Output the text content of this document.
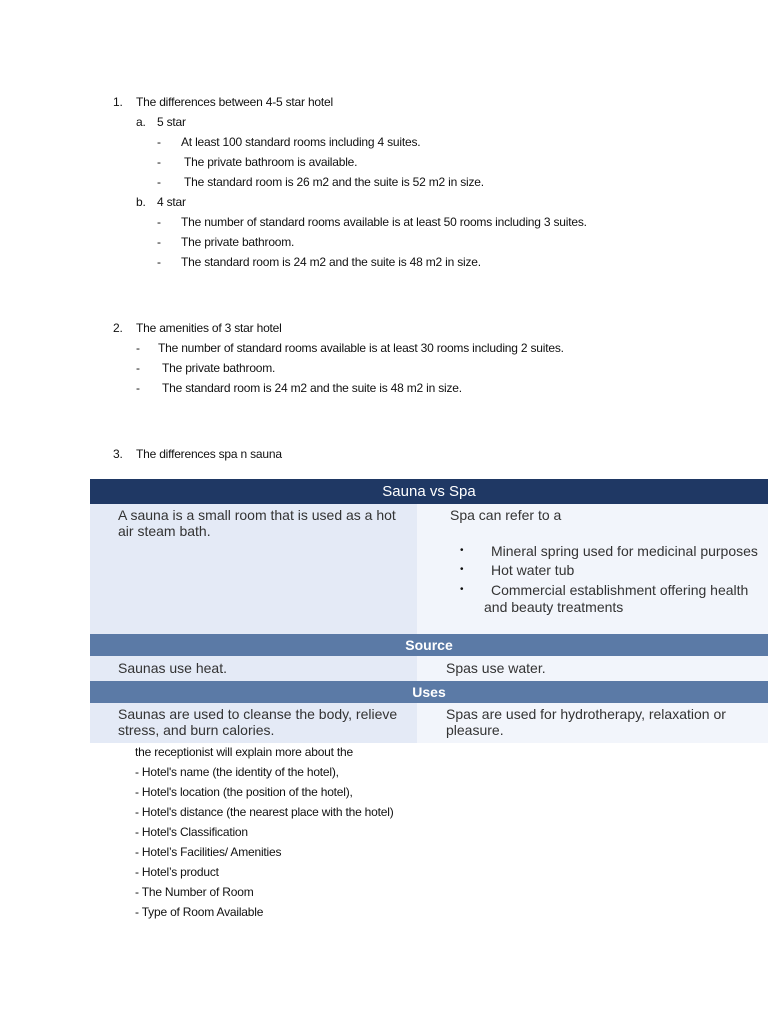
1. The differences between 4-5 star hotel
a. 5 star
- At least 100 standard rooms including 4 suites.
- The private bathroom is available.
- The standard room is 26 m2 and the suite is 52 m2 in size.
b. 4 star
- The number of standard rooms available is at least 50 rooms including 3 suites.
- The private bathroom.
- The standard room is 24 m2 and the suite is 48 m2 in size.
2. The amenities of 3 star hotel
- The number of standard rooms available is at least 30 rooms including 2 suites.
- The private bathroom.
- The standard room is 24 m2 and the suite is 48 m2 in size.
3. The differences spa n sauna
Sauna vs Spa
A sauna is a small room that is used as a hot air steam bath.
Spa can refer to a
• Mineral spring used for medicinal purposes
• Hot water tub
• Commercial establishment offering health
and beauty treatments
Source
Saunas use heat.	Spas use water.
Uses
Saunas are used to cleanse the body, relieve stress, and burn calories.
Spas are used for hydrotherapy, relaxation or pleasure.
the receptionist will explain more about the
- Hotel's name (the identity of the hotel),
- Hotel's location (the position of the hotel),
- Hotel's distance (the nearest place with the hotel)
- Hotel's Classification
- Hotel’s Facilities/ Amenities
- Hotel’s product
- The Number of Room
- Type of Room Available
